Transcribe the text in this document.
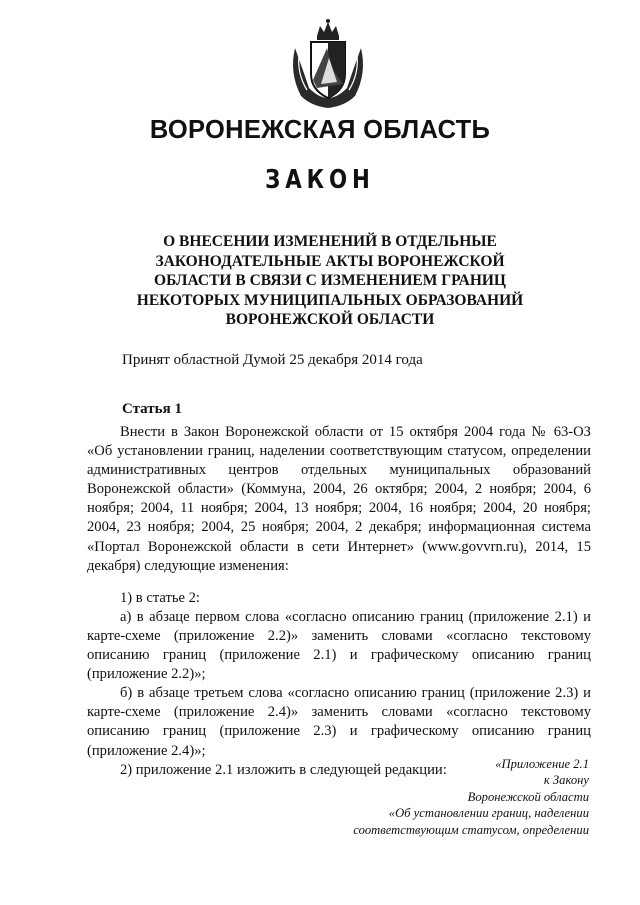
ВОРОНЕЖСКАЯ ОБЛАСТЬ
ЗАКОН
О ВНЕСЕНИИ ИЗМЕНЕНИЙ В ОТДЕЛЬНЫЕ
ЗАКОНОДАТЕЛЬНЫЕ АКТЫ ВОРОНЕЖСКОЙ
ОБЛАСТИ В СВЯЗИ С ИЗМЕНЕНИЕМ ГРАНИЦ
НЕКОТОРЫХ МУНИЦИПАЛЬНЫХ ОБРАЗОВАНИЙ
ВОРОНЕЖСКОЙ ОБЛАСТИ
Принят областной Думой 25 декабря 2014 года
Статья 1

Внести в Закон Воронежской области от 15 октября 2004 года № 63-ОЗ «Об установлении границ, наделении соответствующим статусом, определении административных центров отдельных муниципальных образований Воронежской области» (Коммуна, 2004, 26 октября; 2004, 2 ноября; 2004, 6 ноября; 2004, 11 ноября; 2004, 13 ноября; 2004, 16 ноября; 2004, 20 ноября; 2004, 23 ноября; 2004, 25 ноября; 2004, 2 декабря; информационная система «Портал Воронежской области в сети Интернет» (www.govvrn.ru), 2014, 15 декабря) следующие изменения:

1) в статье 2:

а) в абзаце первом слова «согласно описанию границ (приложение 2.1) и карте-схеме (приложение 2.2)» заменить словами «согласно текстовому описанию границ (приложение 2.1) и графическому описанию границ (приложение 2.2)»;

б) в абзаце третьем слова «согласно описанию границ (приложение 2.3) и карте-схеме (приложение 2.4)» заменить словами «согласно текстовому описанию границ (приложение 2.3) и графическому описанию границ (приложение 2.4)»;

2) приложение 2.1 изложить в следующей редакции:	«Приложение 2.1
к Закону
Воронежской области
«Об установлении границ, наделении
соответствующим статусом, определении
